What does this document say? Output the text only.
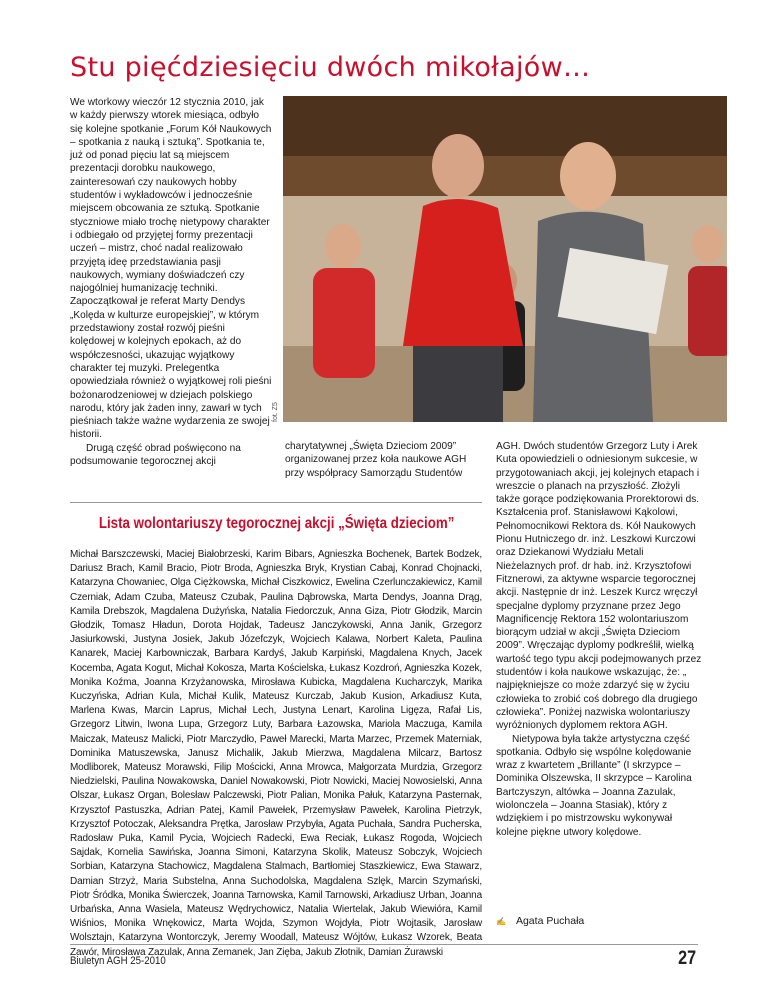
Stu pięćdziesięciu dwóch mikołajów…

We wtorkowy wieczór 12 stycznia 2010, jak w każdy pierwszy wtorek miesiąca, odbyło się kolejne spotkanie „Forum Kół Naukowych – spotkania z nauką i sztuką”. Spotkania te, już od ponad pięciu lat są miejscem prezentacji dorobku naukowego, zainteresowań czy naukowych hobby studentów i wykładowców i jednocześnie miejscem obcowania ze sztuką. Spotkanie styczniowe miało trochę nietypowy charakter i odbiegało od przyjętej formy prezentacji uczeń – mistrz, choć nadal realizowało przyjętą ideę przedstawiania pasji naukowych, wymiany doświadczeń czy najogólniej humanizację techniki. Zapoczątkował je referat Marty Dendys „Kolęda w kulturze europejskiej”, w którym przedstawiony został rozwój pieśni kolędowej w kolejnych epokach, aż do współczesności, ukazując wyjątkowy charakter tej muzyki. Prelegentka opowiedziała również o wyjątkowej roli pieśni bożonarodzeniowej w dziejach polskiego narodu, który jak żaden inny, zawarł w tych pieśniach także ważne wydarzenia ze swojej historii.

Drugą część obrad poświęcono na podsumowanie tegorocznej akcji

fot. Z5

charytatywnej „Święta Dzieciom 2009” organizowanej przez koła naukowe AGH przy współpracy Samorządu Studentów

Lista wolontariuszy tegorocznej akcji „Święta dzieciom”

Michał Barszczewski, Maciej Białobrzeski, Karim Bibars, Agnieszka Bochenek, Bartek Bodzek, Dariusz Brach, Kamil Bracio, Piotr Broda, Agnieszka Bryk, Krystian Cabaj, Konrad Chojnacki, Katarzyna Chowaniec, Olga Ciężkowska, Michał Ciszkowicz, Ewelina Czerlunczakiewicz, Kamil Czerniak, Adam Czuba, Mateusz Czubak, Paulina Dąbrowska, Marta Dendys, Joanna Drąg, Kamila Drebszok, Magdalena Dużyńska, Natalia Fiedorczuk, Anna Giza, Piotr Głodzik, Marcin Głodzik, Tomasz Hładun, Dorota Hojdak, Tadeusz Janczykowski, Anna Janik, Grzegorz Jasiurkowski, Justyna Josiek, Jakub Józefczyk, Wojciech Kalawa, Norbert Kaleta, Paulina Kanarek, Maciej Karbowniczak, Barbara Kardyś, Jakub Karpiński, Magdalena Knych, Jacek Kocemba, Agata Kogut, Michał Kokosza, Marta Kościelska, Łukasz Kozdroń, Agnieszka Kozek, Monika Koźma, Joanna Krzyżanowska, Mirosława Kubicka, Magdalena Kucharczyk, Marika Kuczyńska, Adrian Kula, Michał Kulik, Mateusz Kurczab, Jakub Kusion, Arkadiusz Kuta, Marlena Kwas, Marcin Laprus, Michał Lech, Justyna Lenart, Karolina Ligęza, Rafał Lis, Grzegorz Litwin, Iwona Lupa, Grzegorz Luty, Barbara Łazowska, Mariola Maczuga, Kamila Maiczak, Mateusz Malicki, Piotr Marczydło, Paweł Marecki, Marta Marzec, Przemek Materniak, Dominika Matuszewska, Janusz Michalik, Jakub Mierzwa, Magdalena Milcarz, Bartosz Modliborek, Mateusz Morawski, Filip Mościcki, Anna Mrowca, Małgorzata Murdzia, Grzegorz Niedzielski, Paulina Nowakowska, Daniel Nowakowski, Piotr Nowicki, Maciej Nowosielski, Anna Olszar, Łukasz Organ, Bolesław Palczewski, Piotr Palian, Monika Pałuk, Katarzyna Pasternak, Krzysztof Pastuszka, Adrian Patej, Kamil Pawełek, Przemysław Pawełek, Karolina Pietrzyk, Krzysztof Potoczak, Aleksandra Prętka, Jarosław Przybyła, Agata Puchała, Sandra Pucherska, Radosław Puka, Kamil Pycia, Wojciech Radecki, Ewa Reciak, Łukasz Rogoda, Wojciech Sajdak, Kornelia Sawińska, Joanna Simoni, Katarzyna Skolik, Mateusz Sobczyk, Wojciech Sorbian, Katarzyna Stachowicz, Magdalena Stalmach, Bartłomiej Staszkiewicz, Ewa Stawarz, Damian Strzyż, Maria Substelna, Anna Suchodolska, Magdalena Szlęk, Marcin Szymański, Piotr Śródka, Monika Świerczek, Joanna Tarnowska, Kamil Tarnowski, Arkadiusz Urban, Joanna Urbańska, Anna Wasiela, Mateusz Wędrychowicz, Natalia Wiertelak, Jakub Wiewióra, Kamil Wiśnios, Monika Wnękowicz, Marta Wojda, Szymon Wojdyła, Piotr Wojtasik, Jarosław Wolsztajn, Katarzyna Wontorczyk, Jeremy Woodall, Mateusz Wójtów, Łukasz Wzorek, Beata Zawór, Mirosława Zazulak, Anna Zemanek, Jan Zięba, Jakub Złotnik, Damian Żurawski

AGH. Dwóch studentów Grzegorz Luty i Arek Kuta opowiedzieli o odniesionym sukcesie, w przygotowaniach akcji, jej kolejnych etapach i wreszcie o planach na przyszłość. Złożyli także gorące podziękowania Prorektorowi ds. Kształcenia prof. Stanisławowi Kąkolowi, Pełnomocnikowi Rektora ds. Kół Naukowych Pionu Hutniczego dr. inż. Leszkowi Kurczowi oraz Dziekanowi Wydziału Metali Nieżelaznych prof. dr hab. inż. Krzysztofowi Fitznerowi, za aktywne wsparcie tegorocznej akcji. Następnie dr inż. Leszek Kurcz wręczył specjalne dyplomy przyznane przez Jego Magnificencję Rektora 152 wolontariuszom biorącym udział w akcji „Święta Dzieciom 2009”. Wręczając dyplomy podkreślił, wielką wartość tego typu akcji podejmowanych przez studentów i koła naukowe wskazując, że: „ najpiękniejsze co może zdarzyć się w życiu człowieka to zrobić coś dobrego dla drugiego człowieka”. Poniżej nazwiska wolontariuszy wyróżnionych dyplomem rektora AGH.

Nietypowa była także artystyczna część spotkania. Odbyło się wspólne kolędowanie wraz z kwartetem „Brillante” (I skrzypce – Dominika Olszewska, II skrzypce – Karolina Bartczyszyn, altówka – Joanna Zazulak, wiolonczela – Joanna Stasiak), który z wdziękiem i po mistrzowsku wykonywał kolejne piękne utwory kolędowe.

✍ Agata Puchała
Biuletyn AGH 25-2010	27
